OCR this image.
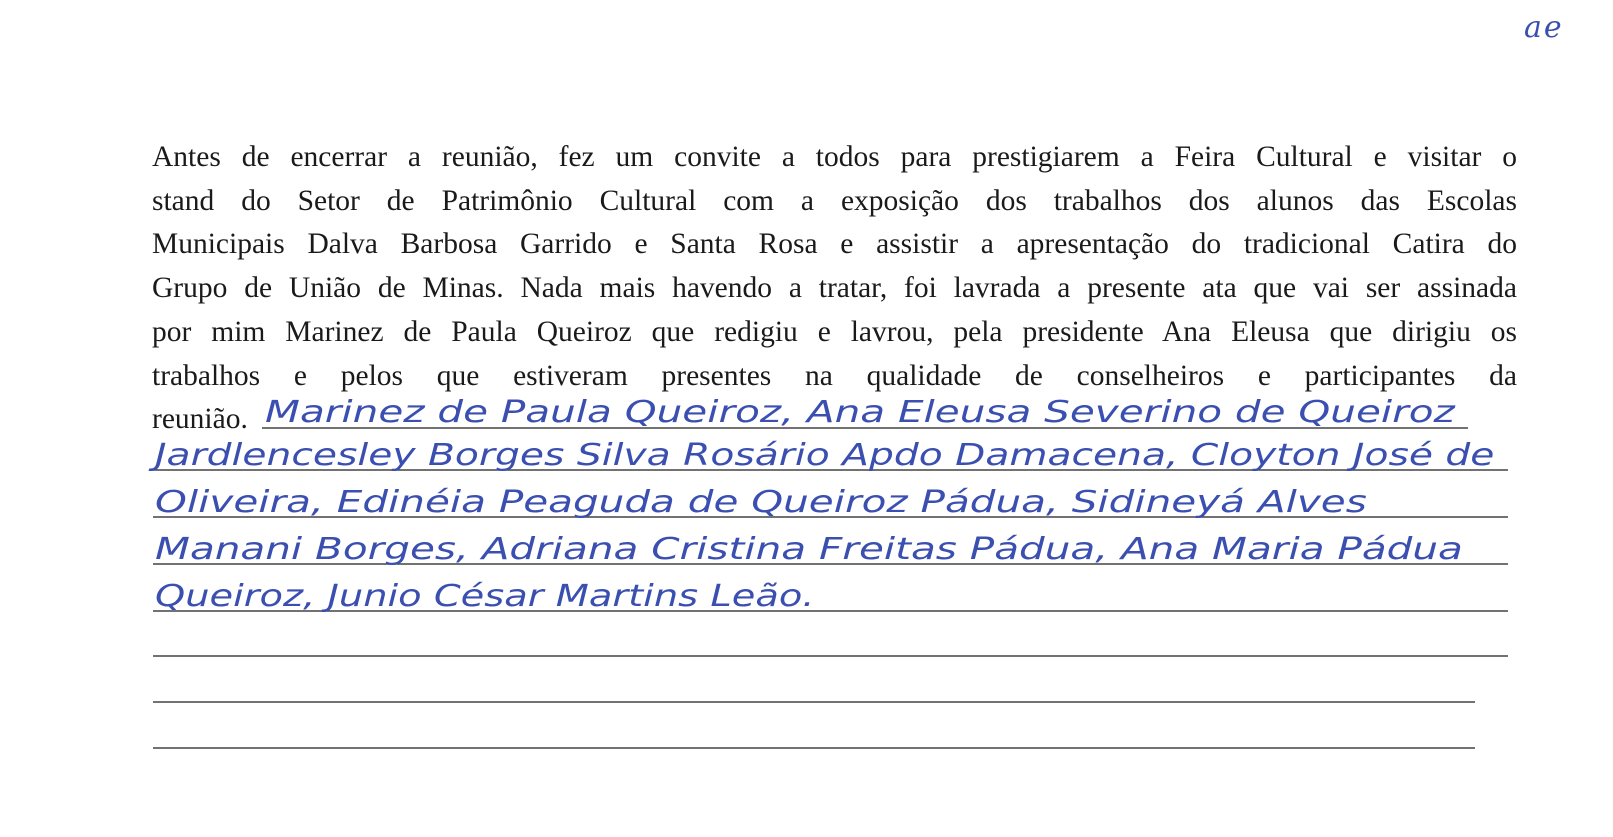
ae
Antes de encerrar a reunião, fez um convite a todos para prestigiarem a Feira Cultural e visitar o
stand do Setor de Patrimônio Cultural com a exposição dos trabalhos dos alunos das Escolas
Municipais Dalva Barbosa Garrido e Santa Rosa e assistir a apresentação do tradicional Catira do
Grupo de União de Minas. Nada mais havendo a tratar, foi lavrada a presente ata que vai ser assinada
por mim Marinez de Paula Queiroz que redigiu e lavrou, pela presidente Ana Eleusa que dirigiu os
trabalhos e pelos que estiveram presentes na qualidade de conselheiros e participantes da
reunião. Marinez de Paula Queiroz, Ana Eleusa Severino de Queiroz
Jardlencesley Borges Silva Rosário Apdo Damacena, Cloyton José de
Oliveira, Edinéia Peaguda de Queiroz Pádua, Sidineyá Alves
Manani Borges, Adriana Cristina Freitas Pádua, Ana Maria Pádua
Queiroz, Junio César Martins Leão.
